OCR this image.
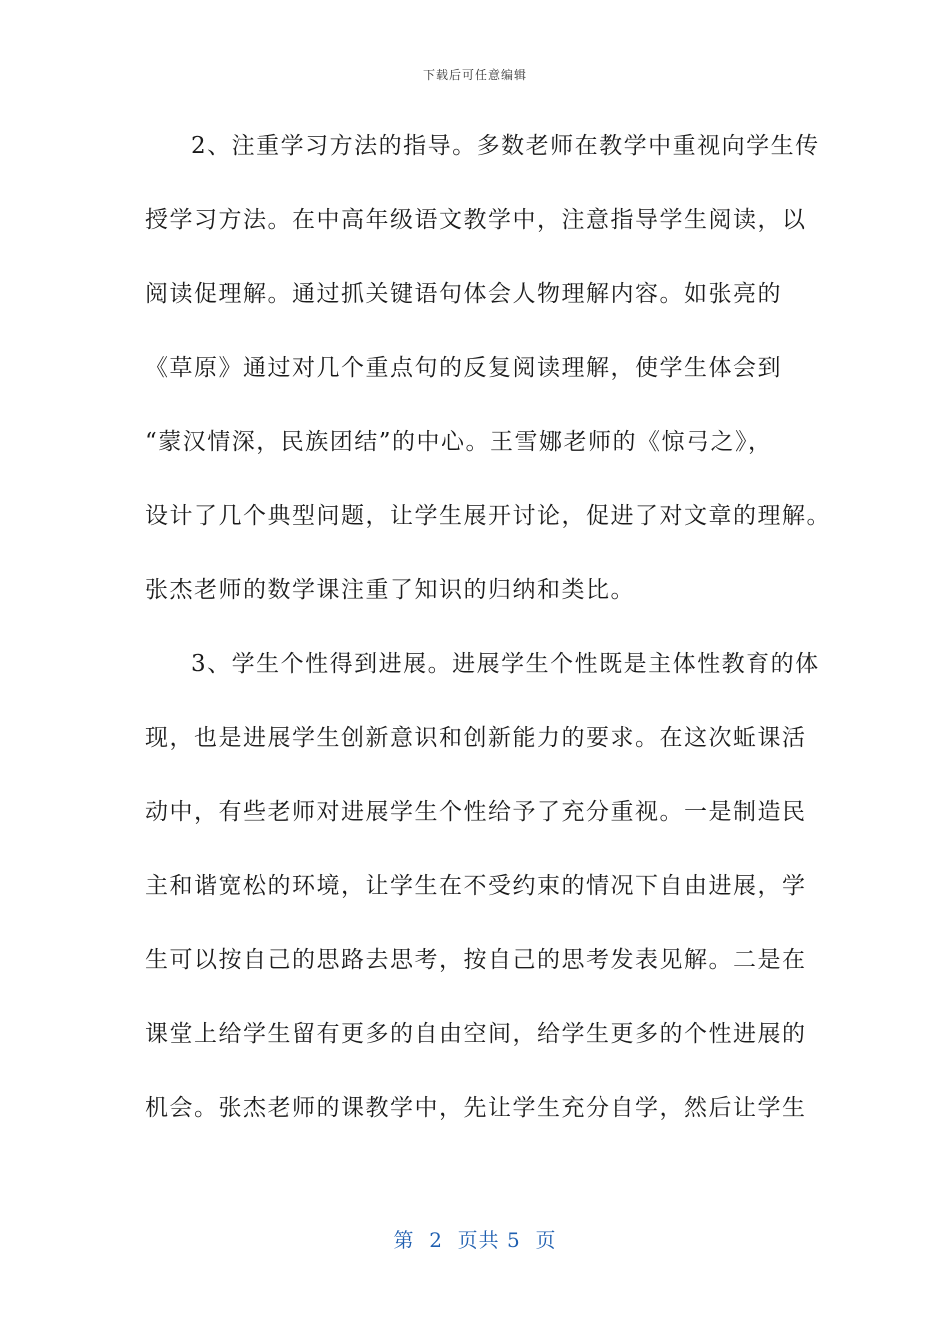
下载后可任意编辑
2、注重学习方法的指导。多数老师在教学中重视向学生传
授学习方法。在中高年级语文教学中，注意指导学生阅读，以
阅读促理解。通过抓关键语句体会人物理解内容。如张亮的
《草原》通过对几个重点句的反复阅读理解，使学生体会到
“蒙汉情深，民族团结”的中心。王雪娜老师的《惊弓之》，
设计了几个典型问题，让学生展开讨论，促进了对文章的理解。
张杰老师的数学课注重了知识的归纳和类比。
3、学生个性得到进展。进展学生个性既是主体性教育的体
现，也是进展学生创新意识和创新能力的要求。在这次蚯课活
动中，有些老师对进展学生个性给予了充分重视。一是制造民
主和谐宽松的环境，让学生在不受约束的情况下自由进展，学
生可以按自己的思路去思考，按自己的思考发表见解。二是在
课堂上给学生留有更多的自由空间，给学生更多的个性进展的
机会。张杰老师的课教学中，先让学生充分自学，然后让学生
第  2  页共 5  页
